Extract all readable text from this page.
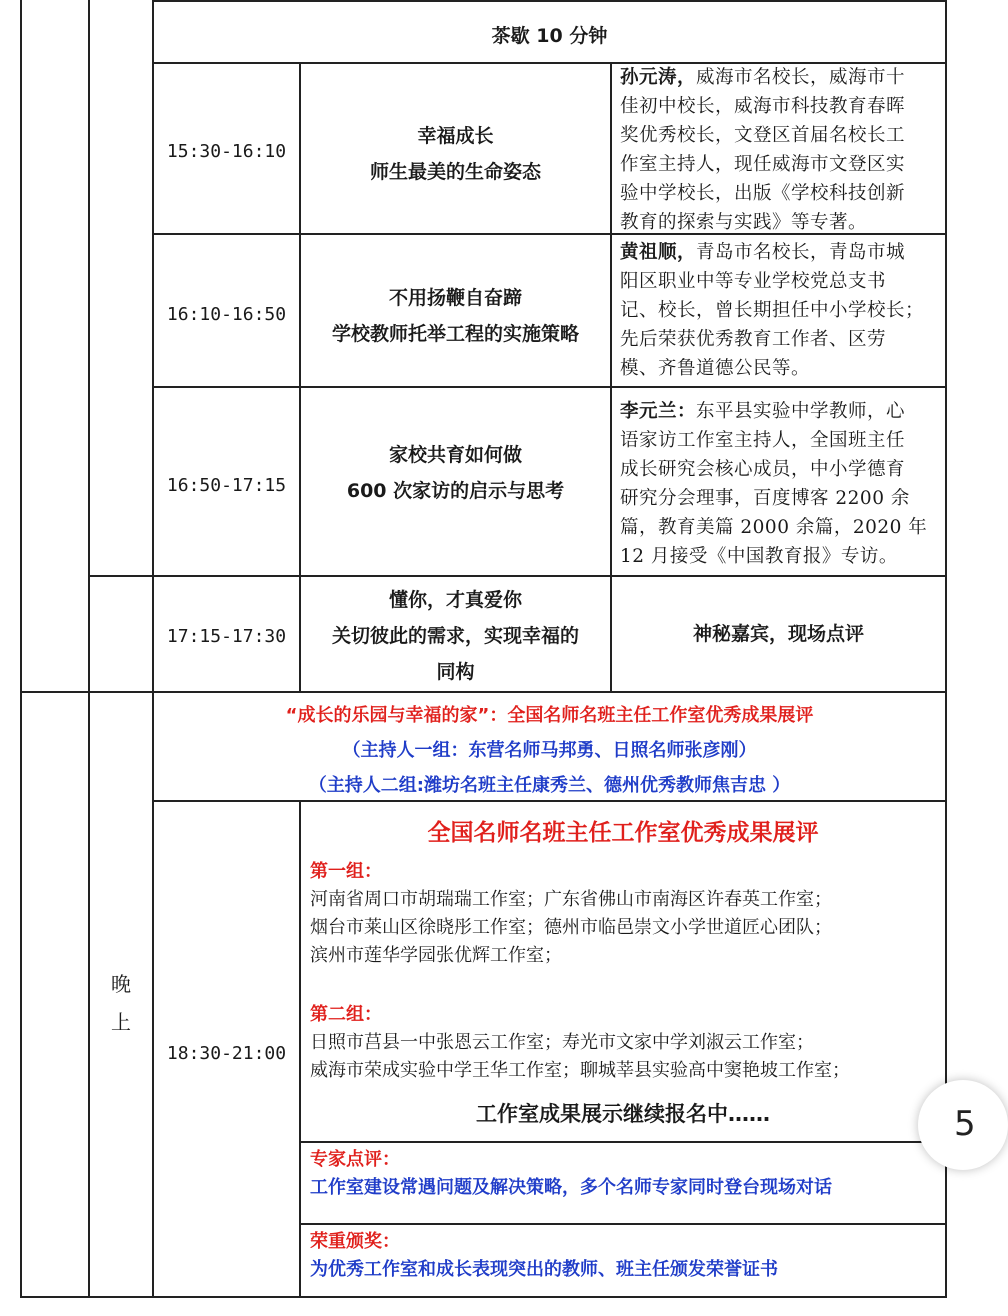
茶歇 10 分钟
15:30-16:10
幸福成长
师生最美的生命姿态
孙元涛，威海市名校长，威海市十
佳初中校长，威海市科技教育春晖
奖优秀校长，文登区首届名校长工
作室主持人，现任威海市文登区实
验中学校长，出版《学校科技创新
教育的探索与实践》等专著。
16:10-16:50
不用扬鞭自奋蹄
学校教师托举工程的实施策略
黄祖顺，青岛市名校长，青岛市城
阳区职业中等专业学校党总支书
记、校长，曾长期担任中小学校长；
先后荣获优秀教育工作者、区劳
模、齐鲁道德公民等。
16:50-17:15
家校共育如何做
600 次家访的启示与思考
李元兰：东平县实验中学教师，心
语家访工作室主持人，全国班主任
成长研究会核心成员，中小学德育
研究分会理事，百度博客 2200 余
篇，教育美篇 2000 余篇，2020 年
12 月接受《中国教育报》专访。
17:15-17:30
懂你，才真爱你
关切彼此的需求，实现幸福的
同构
神秘嘉宾，现场点评
晚
上
“成长的乐园与幸福的家”：全国名师名班主任工作室优秀成果展评
（主持人一组：东营名师马邦勇、日照名师张彦刚）
（主持人二组:潍坊名班主任康秀兰、德州优秀教师焦吉忠 ）
18:30-21:00
全国名师名班主任工作室优秀成果展评
第一组：
河南省周口市胡瑞瑞工作室；广东省佛山市南海区许春英工作室；
烟台市莱山区徐晓彤工作室；德州市临邑崇文小学世道匠心团队；
滨州市莲华学园张优辉工作室；
第二组：
日照市莒县一中张恩云工作室；寿光市文家中学刘淑云工作室；
威海市荣成实验中学王华工作室；聊城莘县实验高中窦艳坡工作室；
工作室成果展示继续报名中……
专家点评：
工作室建设常遇问题及解决策略，多个名师专家同时登台现场对话
荣重颁奖：
为优秀工作室和成长表现突出的教师、班主任颁发荣誉证书
5
